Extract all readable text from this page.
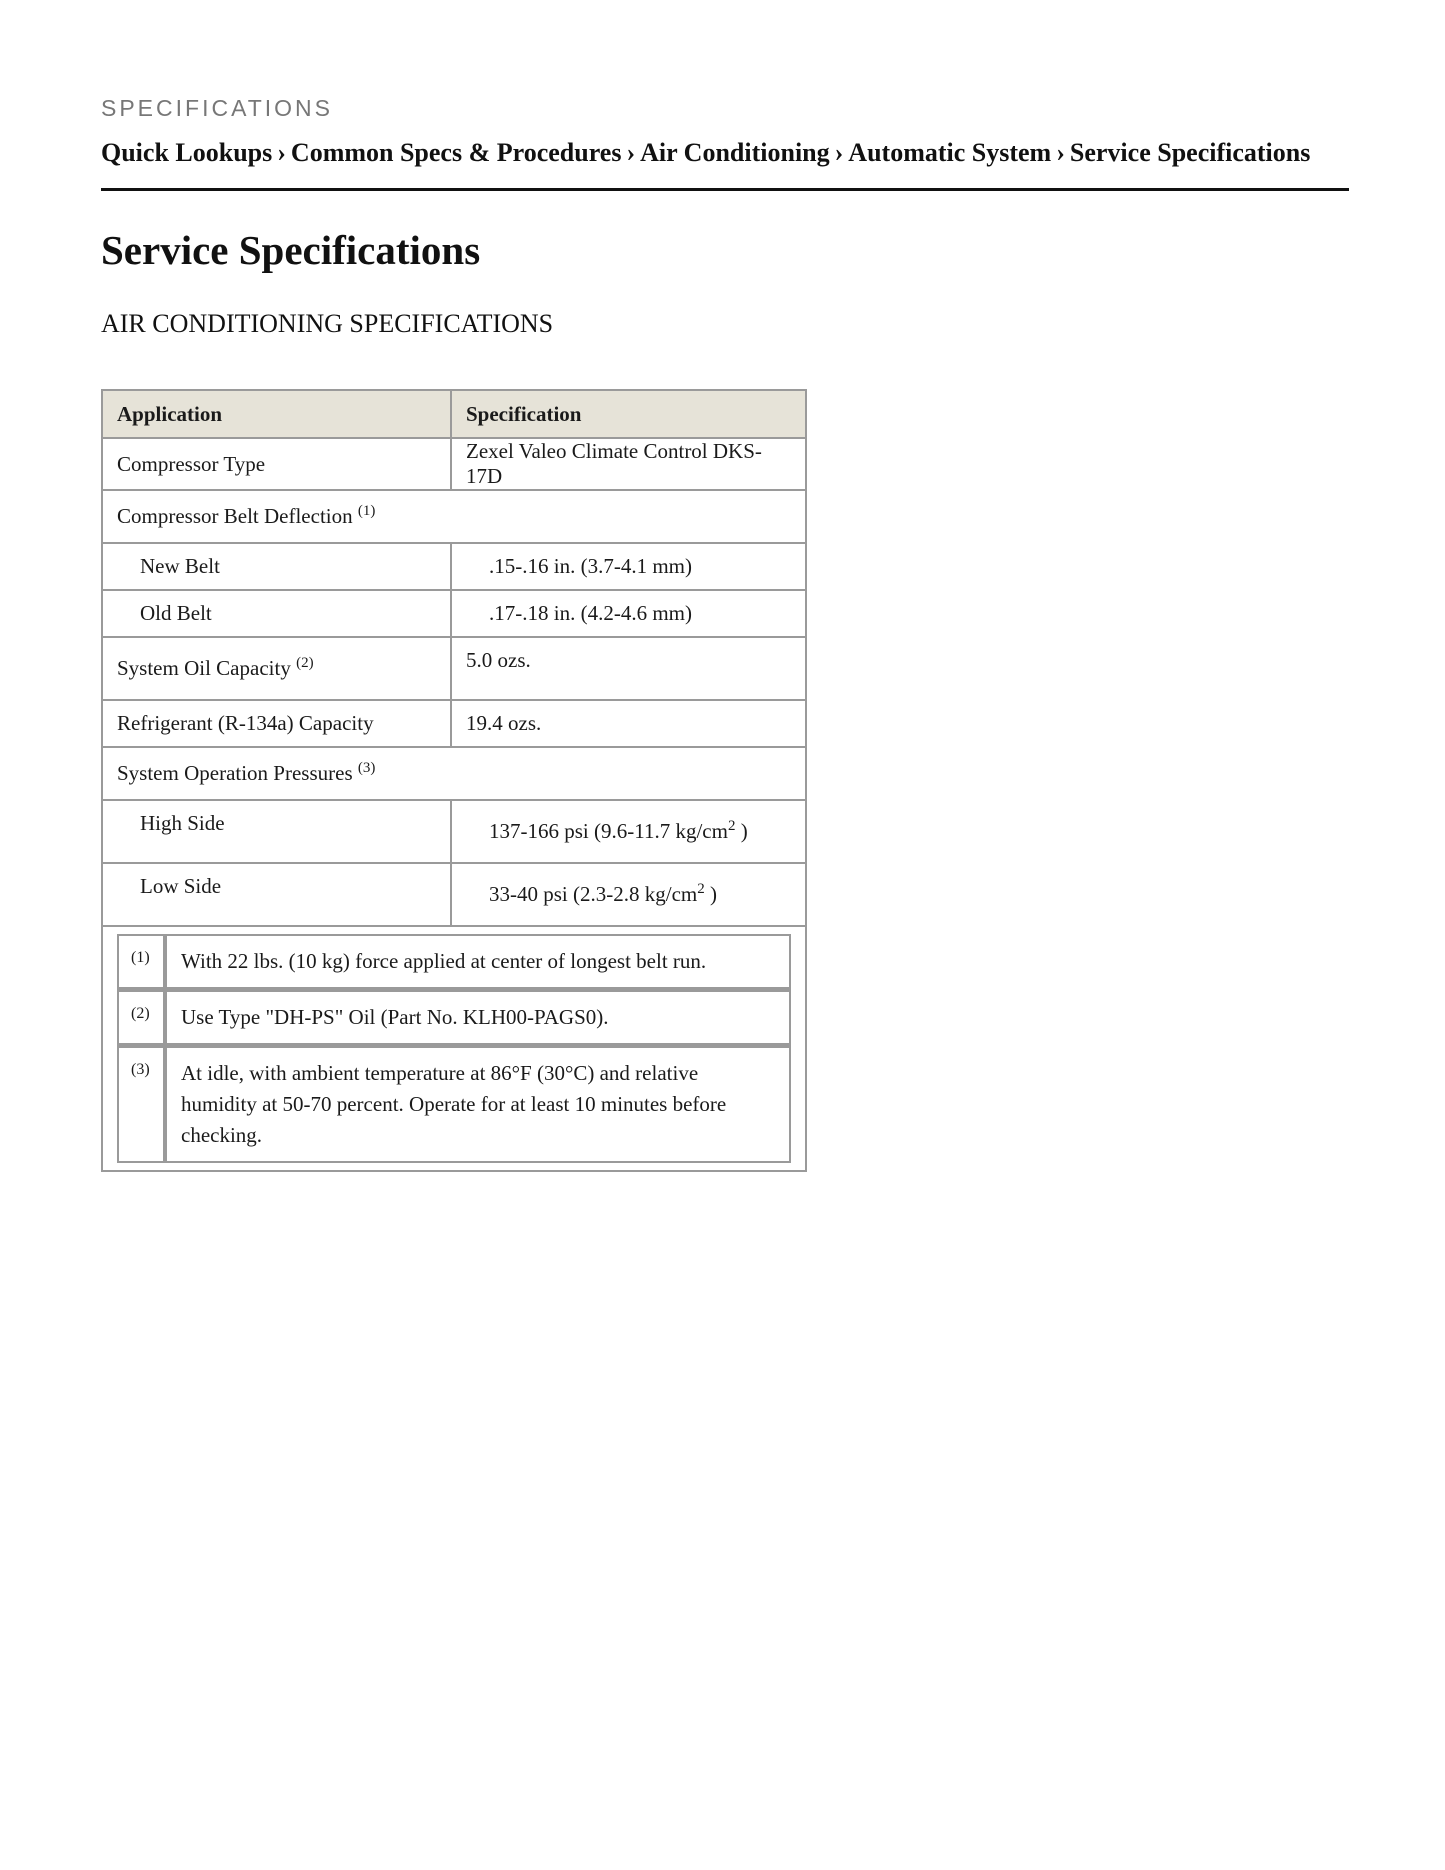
SPECIFICATIONS
Quick Lookups › Common Specs & Procedures › Air Conditioning › Automatic System › Service Specifications
Service Specifications
AIR CONDITIONING SPECIFICATIONS
Application	Specification
Compressor Type	Zexel Valeo Climate Control DKS-17D
Compressor Belt Deflection $^{(1)}$
New Belt	.15-.16 in. (3.7-4.1 mm)
Old Belt	.17-.18 in. (4.2-4.6 mm)
System Oil Capacity $^{(2)}$	5.0 ozs.
Refrigerant (R-134a) Capacity	19.4 ozs.
System Operation Pressures $^{(3)}$
High Side	137-166 psi (9.6-11.7 $kg/cm^2$ )
Low Side	33-40 psi (2.3-2.8 $kg/cm^2$ )

(1)	With 22 lbs. (10 kg) force applied at center of longest belt run.
(2)	Use Type "DH-PS" Oil (Part No. KLH00-PAGS0).
(3)	At idle, with ambient temperature at 86°F (30°C) and relative humidity at 50-70 percent. Operate for at least 10 minutes before checking.
